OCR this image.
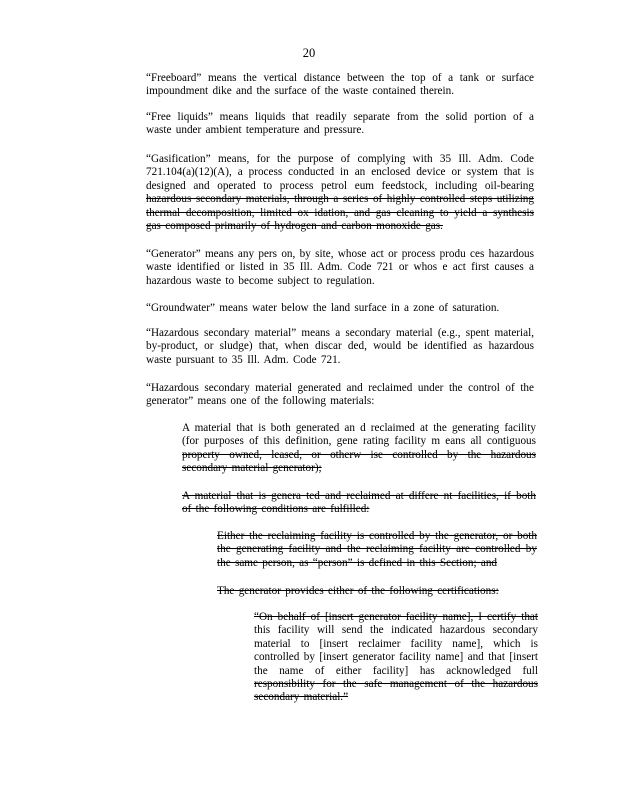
20
“Freeboard” means the vertical distance between the top of a tank or surface impoundment dike and the surface of the waste contained therein.
“Free liquids” means liquids that readily separate from the solid portion of a waste under ambient temperature and pressure.
“Gasification” means, for the purpose of complying with 35 Ill. Adm. Code 721.104(a)(12)(A), a process conducted in an enclosed device or system that is designed and operated to process petrol eum feedstock, including oil-bearing hazardous secondary materials, through a series of highly controlled steps utilizing thermal decomposition, limited ox idation, and gas cleaning to yield a synthesis gas composed primarily of hydrogen and carbon monoxide gas.
“Generator” means any pers on, by site, whose act or process produ ces hazardous waste identified or listed in 35 Ill. Adm. Code 721 or whos e act first causes a hazardous waste to become subject to regulation.
“Groundwater” means water below the land surface in a zone of saturation.
“Hazardous secondary material” means a secondary material (e.g., spent material, by-product, or sludge) that, when discar ded, would be identified as hazardous waste pursuant to 35 Ill. Adm. Code 721.
“Hazardous secondary material generated and reclaimed under the control of the generator” means one of the following materials:
A material that is both generated an d reclaimed at the generating facility (for purposes of this definition, gene rating facility m eans all contiguous property owned, leased, or otherw ise controlled by the hazardous secondary material generator);
A material that is genera ted and reclaimed at differe nt facilities, if both of the following conditions are fulfilled:
Either the reclaiming facility is controlled by the generator, or both the generating facility and the reclaiming facility are controlled by the same person, as “person” is defined in this Section; and
The generator provides either of the following certifications:
“On behalf of [insert generator facility name], I certify that this facility will send the indicated hazardous secondary material to [insert reclaimer facility name], which is controlled by [insert generator facility name] and that [insert the name of either facility] has acknowledged full responsibility for the safe management of the hazardous secondary material.”
